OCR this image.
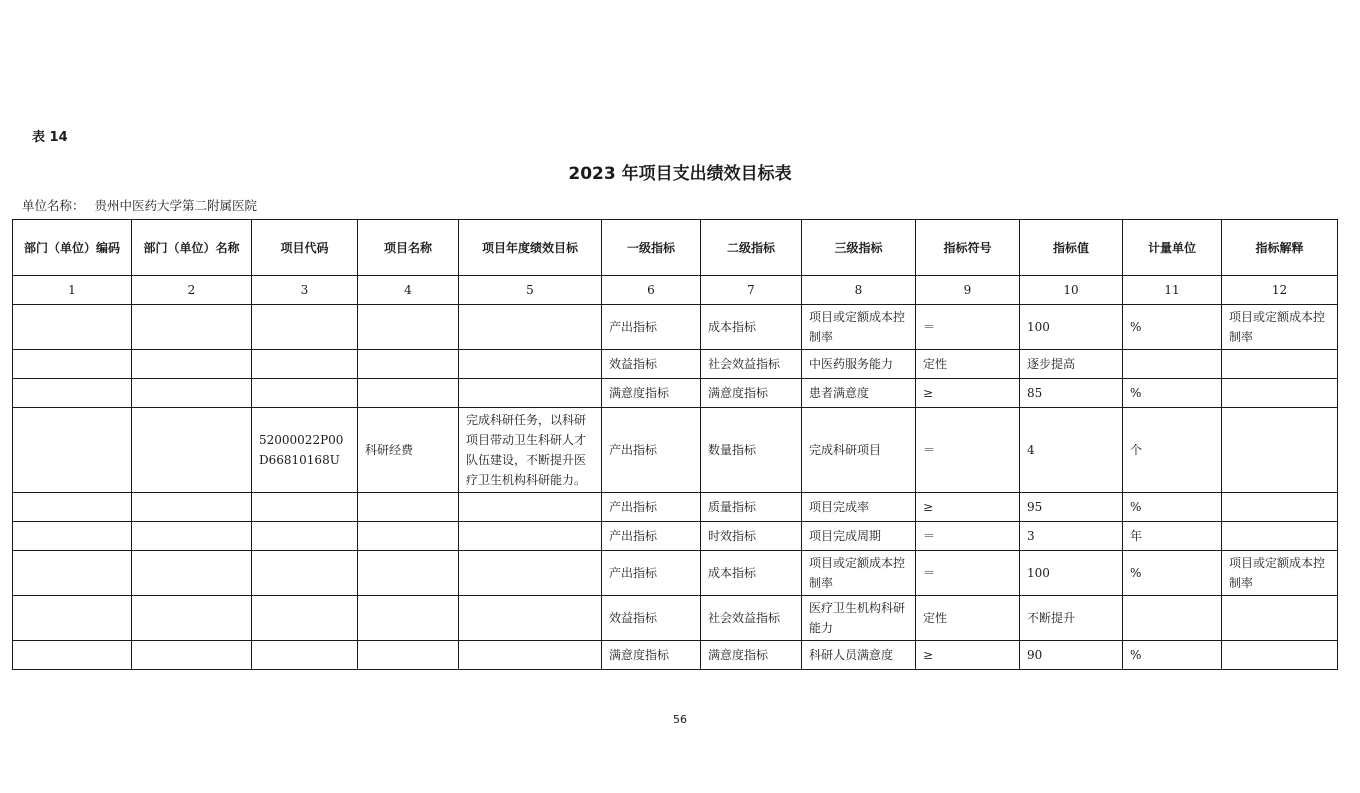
表 14
2023 年项目支出绩效目标表
单位名称： 贵州中医药大学第二附属医院
部门（单位）编码	部门（单位）名称	项目代码	项目名称	项目年度绩效目标	一级指标	二级指标	三级指标	指标符号	指标值	计量单位	指标解释
1	2	3	4	5	6	7	8	9	10	11	12
					产出指标	成本指标	项目或定额成本控制率	＝	100	%	项目或定额成本控制率
					效益指标	社会效益指标	中医药服务能力	定性	逐步提高		
					满意度指标	满意度指标	患者满意度	≥	85	%	
		52000022P00D66810168U	科研经费	完成科研任务，以科研项目带动卫生科研人才队伍建设，不断提升医疗卫生机构科研能力。	产出指标	数量指标	完成科研项目	＝	4	个	
					产出指标	质量指标	项目完成率	≥	95	%	
					产出指标	时效指标	项目完成周期	＝	3	年	
					产出指标	成本指标	项目或定额成本控制率	＝	100	%	项目或定额成本控制率
					效益指标	社会效益指标	医疗卫生机构科研能力	定性	不断提升		
					满意度指标	满意度指标	科研人员满意度	≥	90	%	
56
